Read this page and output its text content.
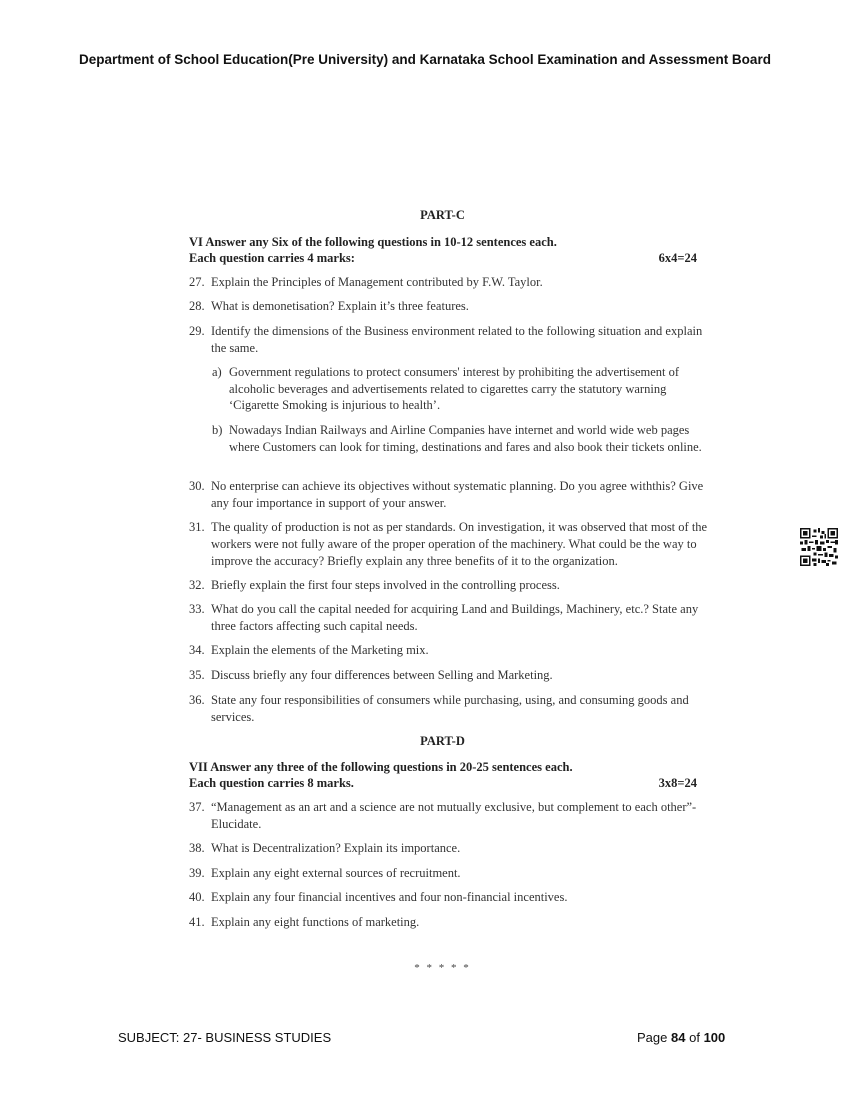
Department of School Education(Pre University) and Karnataka School Examination and Assessment Board
PART-C
VI Answer any Six of the following questions in 10-12 sentences each.
Each question carries 4 marks:	6x4=24
27. Explain the Principles of Management contributed by F.W. Taylor.
28. What is demonetisation? Explain it’s three features.
29. Identify the dimensions of the Business environment related to the following situation and explain the same.
a) Government regulations to protect consumers' interest by prohibiting the advertisement of alcoholic beverages and advertisements related to cigarettes carry the statutory warning ‘Cigarette Smoking is injurious to health’.
b) Nowadays Indian Railways and Airline Companies have internet and world wide web pages where Customers can look for timing, destinations and fares and also book their tickets online.
30. No enterprise can achieve its objectives without systematic planning. Do you agree withthis? Give any four importance in support of your answer.
31. The quality of production is not as per standards. On investigation, it was observed that most of the workers were not fully aware of the proper operation of the machinery. What could be the way to improve the accuracy? Briefly explain any three benefits of it to the organization.
32. Briefly explain the first four steps involved in the controlling process.
33. What do you call the capital needed for acquiring Land and Buildings, Machinery, etc.? State any three factors affecting such capital needs.
34. Explain the elements of the Marketing mix.
35. Discuss briefly any four differences between Selling and Marketing.
36. State any four responsibilities of consumers while purchasing, using, and consuming goods and services.
PART-D
VII Answer any three of the following questions in 20-25 sentences each.
Each question carries 8 marks.	3x8=24
37. “Management as an art and a science are not mutually exclusive, but complement to each other”- Elucidate.
38. What is Decentralization? Explain its importance.
39. Explain any eight external sources of recruitment.
40. Explain any four financial incentives and four non-financial incentives.
41. Explain any eight functions of marketing.
* * * * *
SUBJECT: 27- BUSINESS STUDIES	Page 84 of 100
